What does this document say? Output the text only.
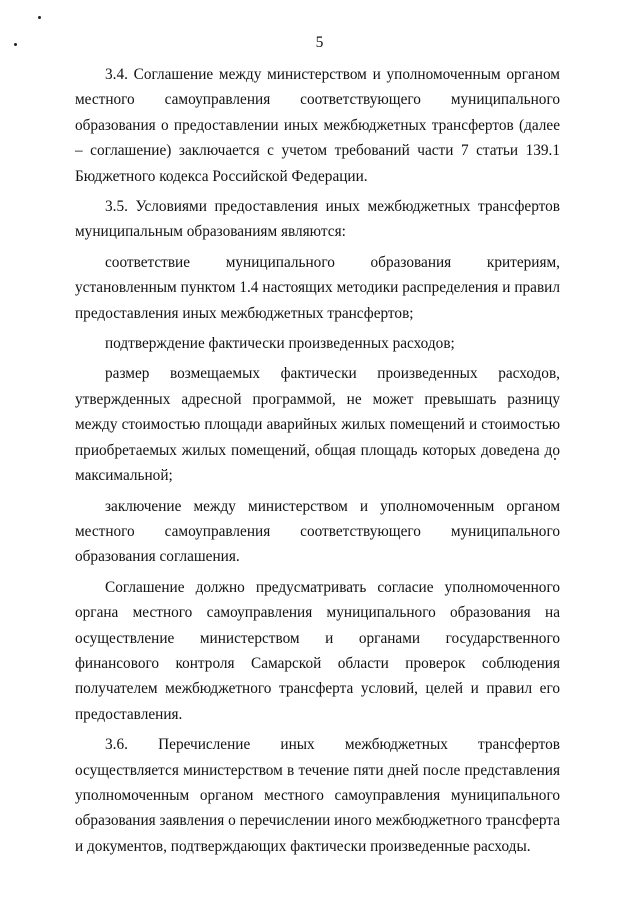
5

3.4. Соглашение между министерством и уполномоченным органом местного самоуправления соответствующего муниципального образования о предоставлении иных межбюджетных трансфертов (далее – соглашение) заключается с учетом требований части 7 статьи 139.1 Бюджетного кодекса Российской Федерации.

3.5. Условиями предоставления иных межбюджетных трансфертов муниципальным образованиям являются:

соответствие муниципального образования критериям, установленным пунктом 1.4 настоящих методики распределения и правил предоставления иных межбюджетных трансфертов;

подтверждение фактически произведенных расходов;

размер возмещаемых фактически произведенных расходов, утвержденных адресной программой, не может превышать разницу между стоимостью площади аварийных жилых помещений и стоимостью приобретаемых жилых помещений, общая площадь которых доведена до максимальной;

заключение между министерством и уполномоченным органом местного самоуправления соответствующего муниципального образования соглашения.

Соглашение должно предусматривать согласие уполномоченного органа местного самоуправления муниципального образования на осуществление министерством и органами государственного финансового контроля Самарской области проверок соблюдения получателем межбюджетного трансферта условий, целей и правил его предоставления.

3.6. Перечисление иных межбюджетных трансфертов осуществляется министерством в течение пяти дней после представления уполномоченным органом местного самоуправления муниципального образования заявления о перечислении иного межбюджетного трансферта и документов, подтверждающих фактически произведенные расходы.
